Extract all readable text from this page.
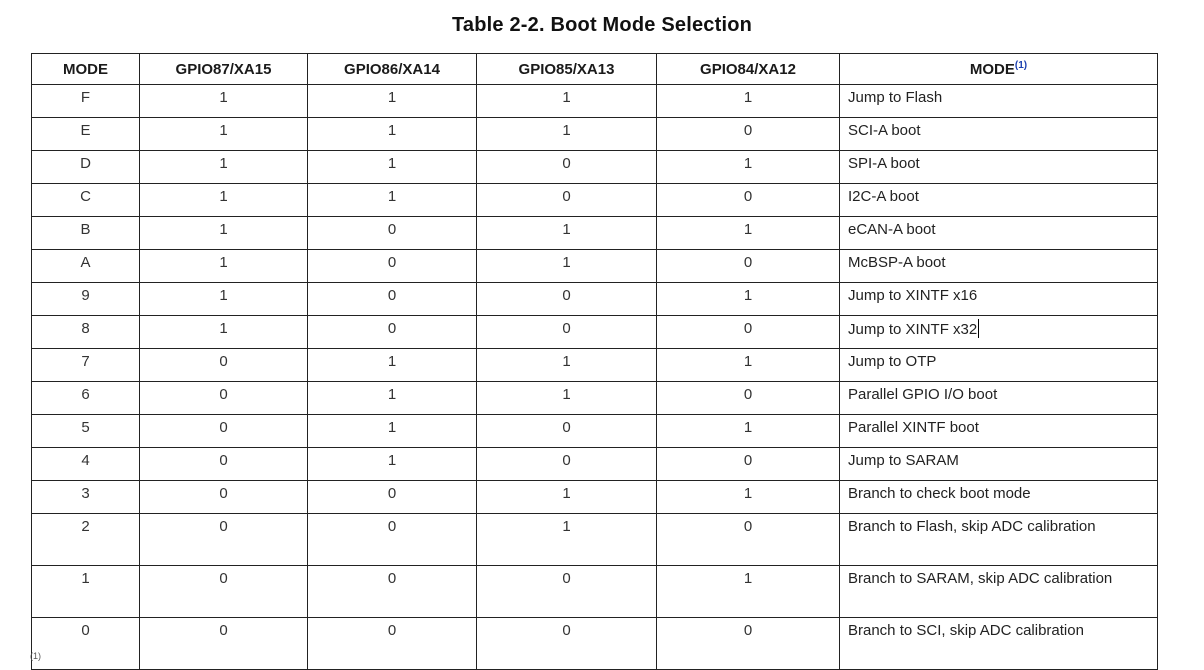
Table 2-2. Boot Mode Selection
MODE	GPIO87/XA15	GPIO86/XA14	GPIO85/XA13	GPIO84/XA12	MODE$^{(1)}$
F	1	1	1	1	Jump to Flash
E	1	1	1	0	SCI-A boot
D	1	1	0	1	SPI-A boot
C	1	1	0	0	I2C-A boot
B	1	0	1	1	eCAN-A boot
A	1	0	1	0	McBSP-A boot
9	1	0	0	1	Jump to XINTF x16
8	1	0	0	0	Jump to XINTF x32
7	0	1	1	1	Jump to OTP
6	0	1	1	0	Parallel GPIO I/O boot
5	0	1	0	1	Parallel XINTF boot
4	0	1	0	0	Jump to SARAM
3	0	0	1	1	Branch to check boot mode
2	0	0	1	0	Branch to Flash, skip ADC calibration
1	0	0	0	1	Branch to SARAM, skip ADC calibration
0	0	0	0	0	Branch to SCI, skip ADC calibration
(1)
